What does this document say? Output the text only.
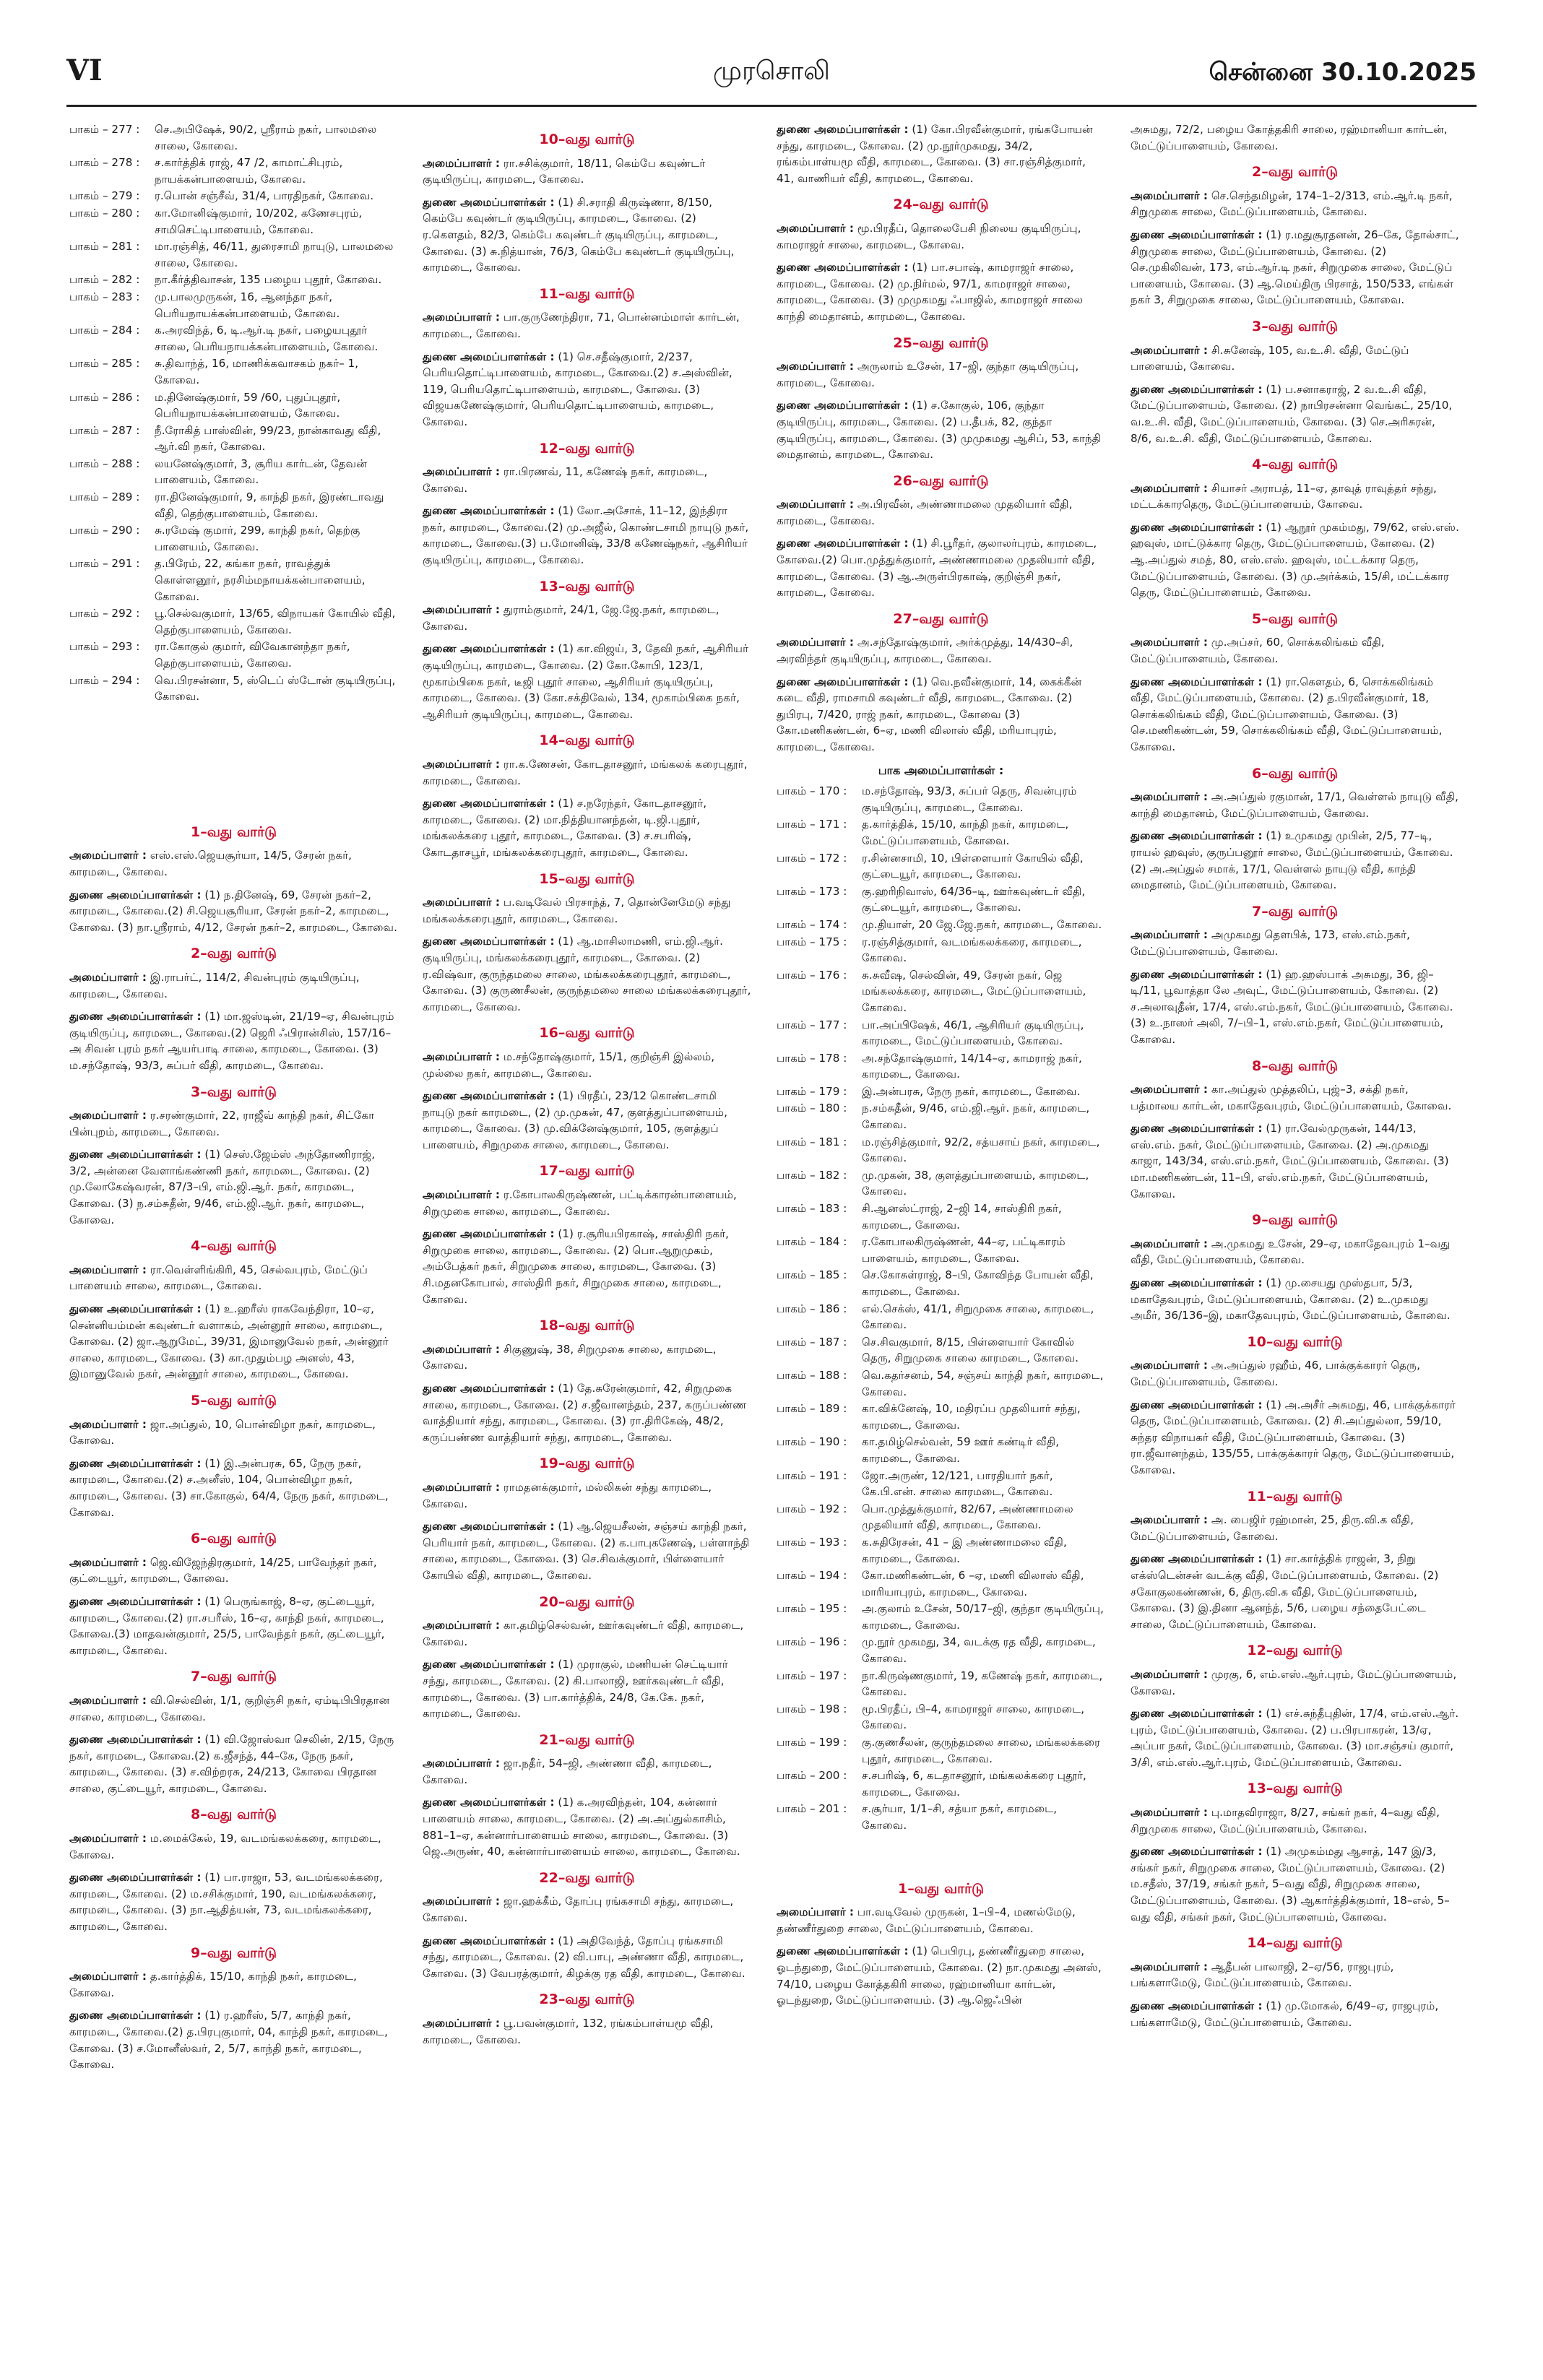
VI	முரசொலி	சென்னை 30.10.2025
பாகம் – 277 :	செ.அபிஷேக், 90/2, ஸ்ரீராம் நகர், பாலமலை சாலை, கோவை.
பாகம் – 278 :	ச.கார்த்திக் ராஜ், 47 /2, காமாட்சிபுரம், நாயக்கன்பாளையம், கோவை.
பாகம் – 279 :	ர.பொன் சஞ்சீவ், 31/4, பாரதிநகர், கோவை.
பாகம் – 280 :	கா.மோனிஷ்குமார், 10/202, கணேசபுரம், சாமிசெட்டிபாளையம், கோவை.
பாகம் – 281 :	மா.ரஞ்சித், 46/11, துரைசாமி நாயுடு, பாலமலை சாலை, கோவை.
பாகம் – 282 :	நா.கீர்த்திவாசன், 135 பழைய புதூர், கோவை.
பாகம் – 283 :	மு.பாலமுருகன், 16, ஆனந்தா நகர், பெரியநாயக்கன்பாளையம், கோவை.
பாகம் – 284 :	க.அரவிந்த், 6, டி.ஆர்.டி நகர், பழையபுதூர் சாலை, பெரியநாயக்கன்பாளையம், கோவை.
பாகம் – 285 :	சு.திவாந்த், 16, மாணிக்கவாசகம் நகர்– 1, கோவை.
பாகம் – 286 :	ம.தினேஷ்குமார், 59 /60, புதுப்புதூர், பெரியநாயக்கன்பாளையம், கோவை.
பாகம் – 287 :	நீ.ரோகித் பாஸ்வின், 99/23, நான்காவது வீதி, ஆர்.வி நகர், கோவை.
பாகம் – 288 :	லயனேஷ்குமார், 3, சூரிய கார்டன், தேவன் பாளையம், கோவை.
பாகம் – 289 :	ரா.தினேஷ்குமார், 9, காந்தி நகர், இரண்டாவது வீதி, தெற்குபாளையம், கோவை.
பாகம் – 290 :	சு.ரமேஷ் குமார், 299, காந்தி நகர், தெற்கு பாளையம், கோவை.
பாகம் – 291 :	த.பிரேம், 22, கங்கா நகர், ராவத்துக் கொள்ளனூர், நரசிம்மநாயக்கன்பாளையம், கோவை.
பாகம் – 292 :	பூ.செல்வகுமார், 13/65, விநாயகர் கோயில் வீதி, தெற்குபாளையம், கோவை.
பாகம் – 293 :	ரா.கோகுல் குமார், விவேகானந்தா நகர், தெற்குபாளையம், கோவை.
பாகம் – 294 :	வெ.பிரசன்னா, 5, ஸ்டெப் ஸ்டோன் குடியிருப்பு, கோவை.
1–வது வார்டு

அமைப்பாளர் : எஸ்.எஸ்.ஜெயசூர்யா, 14/5, சேரன் நகர், காரமடை, கோவை.

துணை அமைப்பாளர்கள் : (1) ந.தினேஷ், 69, சேரன் நகர்–2, காரமடை, கோவை.(2) சி.ஜெயசூரியா, சேரன் நகர்–2, காரமடை, கோவை. (3) நா.ஸ்ரீராம், 4/12, சேரன் நகர்–2, காரமடை, கோவை.

2–வது வார்டு

அமைப்பாளர் : இ.ராபர்ட், 114/2, சிவன்புரம் குடியிருப்பு, காரமடை, கோவை.

துணை அமைப்பாளர்கள் : (1) மா.ஜஸ்டின், 21/19–ஏ, சிவன்புரம் குடியிருப்பு, காரமடை, கோவை.(2) ஜெரி ஃபிரான்சிஸ், 157/16–அ சிவன் புரம் நகர் ஆயர்பாடி சாலை, காரமடை, கோவை. (3) ம.சந்தோஷ், 93/3, சுப்பர் வீதி, காரமடை, கோவை.

3–வது வார்டு

அமைப்பாளர் : ர.சரண்குமார், 22, ராஜீவ் காந்தி நகர், சிட்கோ பின்புறம், காரமடை, கோவை.

துணை அமைப்பாளர்கள் : (1) செஸ்.ஜேம்ஸ் அந்தோணிராஜ், 3/2, அன்னை வேளாங்கண்ணி நகர், காரமடை, கோவை. (2) மு.லோகேஷ்வரன், 87/3–பி, எம்.ஜி.ஆர். நகர், காரமடை, கோவை. (3) ந.சம்சுதீன், 9/46, எம்.ஜி.ஆர். நகர், காரமடை, கோவை.

4–வது வார்டு

அமைப்பாளர் : ரா.வெள்ளிங்கிரி, 45, செல்வபுரம், மேட்டுப் பாளையம் சாலை, காரமடை, கோவை.

துணை அமைப்பாளர்கள் : (1) உ.ஹரீஸ் ராகவேந்திரா, 10–ஏ, சென்னியம்மன் கவுண்டர் வளாகம், அன்னூர் சாலை, காரமடை, கோவை. (2) ஜா.ஆறுமேட், 39/31, இமானுவேல் நகர், அன்னூர் சாலை, காரமடை, கோவை. (3) கா.முதும்பழ அனஸ், 43, இமானுவேல் நகர், அன்னூர் சாலை, காரமடை, கோவை.

5–வது வார்டு

அமைப்பாளர் : ஜா.அப்துல், 10, பொன்விழா நகர், காரமடை, கோவை.

துணை அமைப்பாளர்கள் : (1) இ.அன்பரசு, 65, நேரு நகர், காரமடை, கோவை.(2) ச.அனீஸ், 104, பொன்விழா நகர், காரமடை, கோவை. (3) சா.கோகுல், 64/4, நேரு நகர், காரமடை, கோவை.

6–வது வார்டு

அமைப்பாளர் : ஜெ.விஜேந்திரகுமார், 14/25, பாவேந்தர் நகர், குட்டையூர், காரமடை, கோவை.

துணை அமைப்பாளர்கள் : (1) பெருங்காஜ், 8–ஏ, குட்டையூர், காரமடை, கோவை.(2) ரா.சபரீஸ், 16–ஏ, காந்தி நகர், காரமடை, கோவை.(3) மாதவன்குமார், 25/5, பாவேந்தர் நகர், குட்டையூர், காரமடை, கோவை.

7–வது வார்டு

அமைப்பாளர் : வி.செல்வின், 1/1, குறிஞ்சி நகர், ஏம்டிபிபிரதான சாலை, காரமடை, கோவை.

துணை அமைப்பாளர்கள் : (1) வி.ஜோஸ்வா செலின், 2/15, நேரு நகர், காரமடை, கோவை.(2) க.ஜீசந்த், 44–கே, நேரு நகர், காரமடை, கோவை. (3) ச.விற்றரசு, 24/213, கோவை பிரதான சாலை, குட்டையூர், காரமடை, கோவை.

8–வது வார்டு

அமைப்பாளர் : ம.மைக்கேல், 19, வடமங்கலக்கரை, காரமடை, கோவை.

துணை அமைப்பாளர்கள் : (1) பா.ராஜா, 53, வடமங்கலக்கரை, காரமடை, கோவை. (2) ம.சசிக்குமார், 190, வடமங்கலக்கரை, காரமடை, கோவை. (3) நா.ஆதித்யன், 73, வடமங்கலக்கரை, காரமடை, கோவை.

9–வது வார்டு

அமைப்பாளர் : த.கார்த்திக், 15/10, காந்தி நகர், காரமடை, கோவை.

துணை அமைப்பாளர்கள் : (1) ர.ஹரீஸ், 5/7, காந்தி நகர், காரமடை, கோவை.(2) த.பிரபுகுமார், 04, காந்தி நகர், காரமடை, கோவை. (3) ச.மோனீஸ்வர், 2, 5/7, காந்தி நகர், காரமடை, கோவை.

10–வது வார்டு

அமைப்பாளர் : ரா.சசிக்குமார், 18/11, கெம்பே கவுண்டர் குடியிருப்பு, காரமடை, கோவை.

துணை அமைப்பாளர்கள் : (1) சி.சராதி கிருஷ்ணா, 8/150, கெம்பே கவுண்டர் குடியிருப்பு, காரமடை, கோவை. (2) ர.கௌதம், 82/3, கெம்பே கவுண்டர் குடியிருப்பு, காரமடை, கோவை. (3) சு.நித்யான், 76/3, கெம்பே கவுண்டர் குடியிருப்பு, காரமடை, கோவை.

11–வது வார்டு

அமைப்பாளர் : பா.குருணேந்திரா, 71, பொன்னம்மாள் கார்டன், காரமடை, கோவை.

துணை அமைப்பாளர்கள் : (1) செ.சதீஷ்குமார், 2/237, பெரியதொட்டிபாளையம், காரமடை, கோவை.(2) ச.அஸ்வின், 119, பெரியதொட்டிபாளையம், காரமடை, கோவை. (3) விஜயகணேஷ்குமார், பெரியதொட்டிபாளையம், காரமடை, கோவை.

12–வது வார்டு

அமைப்பாளர் : ரா.பிரணவ், 11, கணேஷ் நகர், காரமடை, கோவை.

துணை அமைப்பாளர்கள் : (1) லோ.அசோக், 11–12, இந்திரா நகர், காரமடை, கோவை.(2) மு.அஜீல், கொண்டசாமி நாயுடு நகர், காரமடை, கோவை.(3) ப.மோனிஷ், 33/8 கணேஷ்நகர், ஆசிரியர் குடியிருப்பு, காரமடை, கோவை.

13–வது வார்டு

அமைப்பாளர் : துராம்குமார், 24/1, ஜே.ஜே.நகர், காரமடை, கோவை.

துணை அமைப்பாளர்கள் : (1) கா.விஜய், 3, தேவி நகர், ஆசிரியர் குடியிருப்பு, காரமடை, கோவை. (2) கோ.கோபி, 123/1, மூகாம்பிகை நகர், டீஜி புதூர் சாலை, ஆசிரியர் குடியிருப்பு, காரமடை, கோவை. (3) கோ.சக்திவேல், 134, மூகாம்பிகை நகர், ஆசிரியர் குடியிருப்பு, காரமடை, கோவை.

14–வது வார்டு

அமைப்பாளர் : ரா.க.ணேசன், கோடதாசனூர், மங்கலக் கரைபுதூர், காரமடை, கோவை.

துணை அமைப்பாளர்கள் : (1) ச.நரேந்தர், கோடதாசனூர், காரமடை, கோவை. (2) மா.நித்தியானந்தன், டி.ஜி.புதூர், மங்கலக்கரை புதூர், காரமடை, கோவை. (3) ச.சபரிஷ், கோடதாசபூர், மங்கலக்கரைபுதூர், காரமடை, கோவை.

15–வது வார்டு

அமைப்பாளர் : ப.வடிவேல் பிரசாந்த், 7, தொன்னேமேடு சந்து மங்கலக்கரைபுதூர், காரமடை, கோவை.

துணை அமைப்பாளர்கள் : (1) ஆ.மாசிலாமணி, எம்.ஜி.ஆர். குடியிருப்பு, மங்கலக்கரைபுதூர், காரமடை, கோவை. (2) ர.விஷ்வா, குருந்தமலை சாலை, மங்கலக்கரைபுதூர், காரமடை, கோவை. (3) குருணசீலன், குருந்தமலை சாலை மங்கலக்கரைபுதூர், காரமடை, கோவை.

16–வது வார்டு

அமைப்பாளர் : ம.சந்தோஷ்குமார், 15/1, குறிஞ்சி இல்லம், முல்லை நகர், காரமடை, கோவை.

துணை அமைப்பாளர்கள் : (1) பிரதீப், 23/12 கொண்டசாமி நாயுடு நகர் காரமடை, (2) மு.முகன், 47, குளத்துப்பாளையம், காரமடை, கோவை. (3) மு.விக்னேஷ்குமார், 105, குளத்துப் பாளையம், சிறுமுகை சாலை, காரமடை, கோவை.

17–வது வார்டு

அமைப்பாளர் : ர.கோபாலகிருஷ்ணன், பட்டிக்காரன்பாளையம், சிறுமுகை சாலை, காரமடை, கோவை.

துணை அமைப்பாளர்கள் : (1) ர.சூரியபிரகாஷ், சாஸ்திரி நகர், சிறுமுகை சாலை, காரமடை, கோவை. (2) பொ.ஆறுமுகம், அம்பேத்கர் நகர், சிறுமுகை சாலை, காரமடை, கோவை. (3) சி.மதனகோபால், சாஸ்திரி நகர், சிறுமுகை சாலை, காரமடை, கோவை.

18–வது வார்டு

அமைப்பாளர் : சிகுணுஷ், 38, சிறுமுகை சாலை, காரமடை, கோவை.

துணை அமைப்பாளர்கள் : (1) தே.சுரேன்குமார், 42, சிறுமுகை சாலை, காரமடை, கோவை. (2) ச.ஜீவானந்தம், 237, கருப்பண்ண வாத்தியார் சந்து, காரமடை, கோவை. (3) ரா.திரிகேஷ், 48/2, கருப்பண்ண வாத்தியார் சந்து, காரமடை, கோவை.

19–வது வார்டு

அமைப்பாளர் : ராமதனக்குமார், மல்லிகன் சந்து காரமடை, கோவை.

துணை அமைப்பாளர்கள் : (1) ஆ.ஜெயசீலன், சஞ்சய் காந்தி நகர், பெரியார் நகர், காரமடை, கோவை. (2) க.பாபுகணேஷ், பள்ளாந்தி சாலை, காரமடை, கோவை. (3) செ.சிவக்குமார், பிள்ளையார் கோயில் வீதி, காரமடை, கோவை.

20–வது வார்டு

அமைப்பாளர் : கா.தமிழ்செல்வன், ஊர்கவுண்டர் வீதி, காரமடை, கோவை.

துணை அமைப்பாளர்கள் : (1) முராகுல், மணியன் செட்டியார் சந்து, காரமடை, கோவை. (2) கி.பாலாஜி, ஊர்கவுண்டர் வீதி, காரமடை, கோவை. (3) பா.கார்த்திக், 24/8, கே.கே. நகர், காரமடை, கோவை.

21–வது வார்டு

அமைப்பாளர் : ஜா.நதீர், 54–ஜி, அண்ணா வீதி, காரமடை, கோவை.

துணை அமைப்பாளர்கள் : (1) க.அரவிந்தன், 104, கன்னார் பாளையம் சாலை, காரமடை, கோவை. (2) அ.அப்துல்காசிம், 881–1–ஏ, கன்னார்பாளையம் சாலை, காரமடை, கோவை. (3) ஜெ.அருண், 40, கன்னார்பாளையம் சாலை, காரமடை, கோவை.

22–வது வார்டு

அமைப்பாளர் : ஜா.ஹக்கீம், தோப்பு ரங்கசாமி சந்து, காரமடை, கோவை.

துணை அமைப்பாளர்கள் : (1) அதிவேந்த், தோப்பு ரங்கசாமி சந்து, காரமடை, கோவை. (2) வி.பாபு, அண்ணா வீதி, காரமடை, கோவை. (3) வேபரத்குமார், கிழக்கு ரத வீதி, காரமடை, கோவை.

23–வது வார்டு

அமைப்பாளர் : பூ.பவன்குமார், 132, ரங்கம்பாள்யமூ வீதி, காரமடை, கோவை.

துணை அமைப்பாளர்கள் : (1) கோ.பிரவீன்குமார், ரங்கபோயன் சந்து, காரமடை, கோவை. (2) மு.நூர்முகமது, 34/2, ரங்கம்பாள்யமூ வீதி, காரமடை, கோவை. (3) சா.ரஞ்சித்குமார், 41, வாணியர் வீதி, காரமடை, கோவை.

24–வது வார்டு

அமைப்பாளர் : மூ.பிரதீப், தொலைபேசி நிலைய குடியிருப்பு, காமராஜர் சாலை, காரமடை, கோவை.

துணை அமைப்பாளர்கள் : (1) பா.சபாஷ், காமராஜர் சாலை, காரமடை, கோவை. (2) மு.நிர்மல், 97/1, காமராஜர் சாலை, காரமடை, கோவை. (3) முமுகமது ஃபாஜில், காமராஜர் சாலை காந்தி மைதானம், காரமடை, கோவை.

25–வது வார்டு

அமைப்பாளர் : அருலாம் உசேன், 17–ஜி, குந்தா குடியிருப்பு, காரமடை, கோவை.

துணை அமைப்பாளர்கள் : (1) ச.கோகுல், 106, குந்தா குடியிருப்பு, காரமடை, கோவை. (2) ப.தீபக், 82, குந்தா குடியிருப்பு, காரமடை, கோவை. (3) முமுகமது ஆசிப், 53, காந்தி மைதானம், காரமடை, கோவை.

26–வது வார்டு

அமைப்பாளர் : அ.பிரவீன், அண்ணாமலை முதலியார் வீதி, காரமடை, கோவை.

துணை அமைப்பாளர்கள் : (1) சி.பூரீதர், குலாலர்புரம், காரமடை, கோவை.(2) பொ.முத்துக்குமார், அண்ணாமலை முதலியார் வீதி, காரமடை, கோவை. (3) ஆ.அருள்பிரகாஷ், குறிஞ்சி நகர், காரமடை, கோவை.

27–வது வார்டு

அமைப்பாளர் : அ.சந்தோஷ்குமார், அர்க்முத்து, 14/430–சி, அரவிந்தர் குடியிருப்பு, காரமடை, கோவை.

துணை அமைப்பாளர்கள் : (1) வெ.நவீன்குமார், 14, கைக்கீன் கடை வீதி, ராமசாமி கவுண்டர் வீதி, காரமடை, கோவை. (2) துபிரபு, 7/420, ராஜ் நகர், காரமடை, கோவை (3) கோ.மணிகண்டன், 6–ஏ, மணி விலாஸ் வீதி, மரியாபுரம், காரமடை, கோவை.

பாக அமைப்பாளர்கள் :
பாகம் – 170 :	ம.சந்தோஷ், 93/3, சுப்பர் தெரு, சிவன்புரம் குடியிருப்பு, காரமடை, கோவை.
பாகம் – 171 :	த.கார்த்திக், 15/10, காந்தி நகர், காரமடை, மேட்டுப்பாளையம், கோவை.
பாகம் – 172 :	ர.சின்னசாமி, 10, பிள்ளையார் கோயில் வீதி, குட்டையூர், காரமடை, கோவை.
பாகம் – 173 :	கு.ஹரிநிவாஸ், 64/36–டி, ஊர்கவுண்டர் வீதி, குட்டையூர், காரமடை, கோவை.
பாகம் – 174 :	மு.தியாள், 20 ஜே.ஜே.நகர், காரமடை, கோவை.
பாகம் – 175 :	ர.ரஞ்சித்குமார், வடமங்கலக்கரை, காரமடை, கோவை.
பாகம் – 176 :	சு.சுவீஷ, செல்வின், 49, சேரன் நகர், ஜெ மங்கலக்கரை, காரமடை, மேட்டுப்பாளையம், கோவை.
பாகம் – 177 :	பா.அப்பிஷேக், 46/1, ஆசிரியர் குடியிருப்பு, காரமடை, மேட்டுப்பாளையம், கோவை.
பாகம் – 178 :	அ.சந்தோஷ்குமார், 14/14–ஏ, காமராஜ் நகர், காரமடை, கோவை.
பாகம் – 179 :	இ.அன்பரசு, நேரு நகர், காரமடை, கோவை.
பாகம் – 180 :	ந.சம்சுதீன், 9/46, எம்.ஜி.ஆர். நகர், காரமடை, கோவை.
பாகம் – 181 :	ம.ரஞ்சித்குமார், 92/2, சத்யசாய் நகர், காரமடை, கோவை.
பாகம் – 182 :	மு.முகன், 38, குளத்துப்பாளையம், காரமடை, கோவை.
பாகம் – 183 :	சி.ஆனஸ்ட்ராஜ், 2–ஜி 14, சாஸ்திரி நகர், காரமடை, கோவை.
பாகம் – 184 :	ர.கோபாலகிருஷ்ணன், 44–ஏ, பட்டிகாரம் பாளையம், காரமடை, கோவை.
பாகம் – 185 :	செ.கோசுள்ராஜ், 8–பி, கோவிந்த போயன் வீதி, காரமடை, கோவை.
பாகம் – 186 :	எல்.செக்ஸ், 41/1, சிறுமுகை சாலை, காரமடை, கோவை.
பாகம் – 187 :	செ.சிவகுமார், 8/15, பிள்ளையார் கோவில் தெரு, சிறுமுகை சாலை காரமடை, கோவை.
பாகம் – 188 :	வெ.கதர்சனம், 54, சஞ்சய் காந்தி நகர், காரமடை, கோவை.
பாகம் – 189 :	கா.விக்னேஷ், 10, மதிரப்ப முதலியார் சந்து, காரமடை, கோவை.
பாகம் – 190 :	கா.தமிழ்செல்வன், 59 ஊர் கண்டிர் வீதி, காரமடை, கோவை.
பாகம் – 191 :	ஜோ.அருண், 12/121, பாரதியார் நகர், கே.பி.என். சாலை காரமடை, கோவை.
பாகம் – 192 :	பொ.முத்துக்குமார், 82/67, அண்ணாமலை முதலியார் வீதி, காரமடை, கோவை.
பாகம் – 193 :	க.சுதிரேசன், 41 – இ அண்ணாமலை வீதி, காரமடை, கோவை.
பாகம் – 194 :	கோ.மணிகண்டன், 6 –ஏ, மணி விலாஸ் வீதி, மாரியாபுரம், காரமடை, கோவை.
பாகம் – 195 :	அ.குலாம் உசேன், 50/17–ஜி, குந்தா குடியிருப்பு, காரமடை, கோவை.
பாகம் – 196 :	மு.நூர் முகமது, 34, வடக்கு ரத வீதி, காரமடை, கோவை.
பாகம் – 197 :	நா.கிருஷ்ணகுமார், 19, கணேஷ் நகர், காரமடை, கோவை.
பாகம் – 198 :	மூ.பிரதீப், பி–4, காமராஜர் சாலை, காரமடை, கோவை.
பாகம் – 199 :	கு.குணசீலன், குருந்தமலை சாலை, மங்கலக்கரை புதூர், காரமடை, கோவை.
பாகம் – 200 :	ச.சபரிஷ், 6, கடதாசனூர், மங்கலக்கரை புதூர், காரமடை, கோவை.
பாகம் – 201 :	ச.சூர்யா, 1/1–சி, சத்யா நகர், காரமடை, கோவை.
1–வது வார்டு

அமைப்பாளர் : பா.வடிவேல் முருகன், 1–பி–4, மணல்மேடு, தண்ணீர்துறை சாலை, மேட்டுப்பாளையம், கோவை.

துணை அமைப்பாளர்கள் : (1) பெபிரபு, தண்ணீர்துறை சாலை, ஓடந்துறை, மேட்டுப்பாளையம், கோவை. (2) நா.முகமது அனஸ், 74/10, பழைய கோத்தகிரி சாலை, ரஹ்மானியா கார்டன், ஓடந்துறை, மேட்டுப்பாளையம். (3) ஆ.ஜெஃபின்

அசுமது, 72/2, பழைய கோத்தகிரி சாலை, ரஹ்மானியா கார்டன், மேட்டுப்பாளையம், கோவை.

2–வது வார்டு

அமைப்பாளர் : செ.செந்தமிழன், 174–1–2/313, எம்.ஆர்.டி நகர், சிறுமுகை சாலை, மேட்டுப்பாளையம், கோவை.

துணை அமைப்பாளர்கள் : (1) ர.மதுசூரதனன், 26–கே, தோல்சாட், சிறுமுகை சாலை, மேட்டுப்பாளையம், கோவை. (2) செ.முகிலிவன், 173, எம்.ஆர்.டி நகர், சிறுமுகை சாலை, மேட்டுப் பாளையம், கோவை. (3) ஆ.மெய்திரு பிரசாத், 150/533, எங்கள் நகர் 3, சிறுமுகை சாலை, மேட்டுப்பாளையம், கோவை.

3–வது வார்டு

அமைப்பாளர் : சி.சுனேஷ், 105, வ.உ.சி. வீதி, மேட்டுப் பாளையம், கோவை.

துணை அமைப்பாளர்கள் : (1) ப.சனாகராஜ், 2 வ.உ.சி வீதி, மேட்டுப்பாளையம், கோவை. (2) நாபிரசன்னா வெங்கட், 25/10, வ.உ.சி. வீதி, மேட்டுப்பாளையம், கோவை. (3) செ.அரிசுரன், 8/6, வ.உ.சி. வீதி, மேட்டுப்பாளையம், கோவை.

4–வது வார்டு

அமைப்பாளர் : சியாசர் அராபத், 11–ஏ, தாவுத் ராவுத்தர் சந்து, மட்டக்காரதெரு, மேட்டுப்பாளையம், கோவை.

துணை அமைப்பாளர்கள் : (1) ஆநூர் முகம்மது, 79/62, எஸ்.எஸ். ஹவுஸ், மாட்டுக்கார தெரு, மேட்டுப்பாளையம், கோவை. (2) ஆ.அப்துல் சமத், 80, எஸ்.எஸ். ஹவுஸ், மட்டக்கார தெரு, மேட்டுப்பாளையம், கோவை. (3) மு.அர்க்கம், 15/சி, மட்டக்கார தெரு, மேட்டுப்பாளையம், கோவை.

5–வது வார்டு

அமைப்பாளர் : மு.அப்சர், 60, சொக்கலிங்கம் வீதி, மேட்டுப்பாளையம், கோவை.

துணை அமைப்பாளர்கள் : (1) ரா.கௌதம், 6, சொக்கலிங்கம் வீதி, மேட்டுப்பாளையம், கோவை. (2) த.பிரவீன்குமார், 18, சொக்கலிங்கம் வீதி, மேட்டுப்பாளையம், கோவை. (3) செ.மணிகண்டன், 59, சொக்கலிங்கம் வீதி, மேட்டுப்பாளையம், கோவை.

6–வது வார்டு

அமைப்பாளர் : அ.அப்துல் ரகுமான், 17/1, வெள்ளல் நாயுடு வீதி, காந்தி மைதானம், மேட்டுப்பாளையம், கோவை.

துணை அமைப்பாளர்கள் : (1) உமுகமது முபின், 2/5, 77–டி, ராயல் ஹவுஸ், குருப்பனூர் சாலை, மேட்டுப்பாளையம், கோவை. (2) அ.அப்துல் சமாக், 17/1, வெள்ளல் நாயுடு வீதி, காந்தி மைதானம், மேட்டுப்பாளையம், கோவை.

7–வது வார்டு

அமைப்பாளர் : அமுகமது தௌபிக், 173, எஸ்.எம்.நகர், மேட்டுப்பாளையம், கோவை.

துணை அமைப்பாளர்கள் : (1) ஹ.ஹஸ்பாக் அசுமது, 36, ஜி–டி/11, பூவாத்தா லே அவுட், மேட்டுப்பாளையம், கோவை. (2) ச.அலாவுதீன், 17/4, எஸ்.எம்.நகர், மேட்டுப்பாளையம், கோவை. (3) உ.நாஸர் அலி, 7/–பி–1, எஸ்.எம்.நகர், மேட்டுப்பாளையம், கோவை.

8–வது வார்டு

அமைப்பாளர் : கா.அப்துல் முத்தலிப், புஜ்–3, சக்தி நகர், பத்மாலய கார்டன், மகாதேவபுரம், மேட்டுப்பாளையம், கோவை.

துணை அமைப்பாளர்கள் : (1) ரா.வேல்முருகன், 144/13, எஸ்.எம். நகர், மேட்டுப்பாளையம், கோவை. (2) அ.முகமது காஜா, 143/34, எஸ்.எம்.நகர், மேட்டுப்பாளையம், கோவை. (3) மா.மணிகண்டன், 11–பி, எஸ்.எம்.நகர், மேட்டுப்பாளையம், கோவை.

9–வது வார்டு

அமைப்பாளர் : அ.முகமது உசேன், 29–ஏ, மகாதேவபுரம் 1–வது வீதி, மேட்டுப்பாளையம், கோவை.

துணை அமைப்பாளர்கள் : (1) மு.சையது முஸ்தபா, 5/3, மகாதேவபுரம், மேட்டுப்பாளையம், கோவை. (2) உ.முகமது அமீர், 36/136–இ, மகாதேவபுரம், மேட்டுப்பாளையம், கோவை.

10–வது வார்டு

அமைப்பாளர் : அ.அப்துல் ரஹீம், 46, பாக்குக்காரர் தெரு, மேட்டுப்பாளையம், கோவை.

துணை அமைப்பாளர்கள் : (1) அ.அசீர் அசுமது, 46, பாக்குக்காரர் தெரு, மேட்டுப்பாளையம், கோவை. (2) சி.அப்துல்லா, 59/10, சுந்தர விநாயகர் வீதி, மேட்டுப்பாளையம், கோவை. (3) ரா.ஜீவானந்தம், 135/55, பாக்குக்காரர் தெரு, மேட்டுப்பாளையம், கோவை.

11–வது வார்டு

அமைப்பாளர் : அ. பைஜிர் ரஹ்மான், 25, திரு.வி.க வீதி, மேட்டுப்பாளையம், கோவை.

துணை அமைப்பாளர்கள் : (1) சா.கார்த்திக் ராஜன், 3, நிறு எக்ஸ்டென்சன் வடக்கு வீதி, மேட்டுப்பாளையம், கோவை. (2) சகோகுலகண்ணன், 6, திரு.வி.க வீதி, மேட்டுப்பாளையம், கோவை. (3) இ.தினா ஆனந்த், 5/6, பழைய சந்தைபேட்டை சாலை, மேட்டுப்பாளையம், கோவை.

12–வது வார்டு

அமைப்பாளர் : முரகு, 6, எம்.எஸ்.ஆர்.புரம், மேட்டுப்பாளையம், கோவை.

துணை அமைப்பாளர்கள் : (1) எச்.சுந்தீபுதின், 17/4, எம்.எஸ்.ஆர். புரம், மேட்டுப்பாளையம், கோவை. (2) ப.பிரபாகரன், 13/ஏ, அப்பா நகர், மேட்டுப்பாளையம், கோவை. (3) மா.சஞ்சய் குமார், 3/சி, எம்.எஸ்.ஆர்.புரம், மேட்டுப்பாளையம், கோவை.

13–வது வார்டு

அமைப்பாளர் : பு.மாதவிராஜா, 8/27, சங்கர் நகர், 4–வது வீதி, சிறுமுகை சாலை, மேட்டுப்பாளையம், கோவை.

துணை அமைப்பாளர்கள் : (1) அமுகம்மது ஆசாத், 147 இ/3, சங்கர் நகர், சிறுமுகை சாலை, மேட்டுப்பாளையம், கோவை. (2) ம.சதீஸ், 37/19, சங்கர் நகர், 5–வது வீதி, சிறுமுகை சாலை, மேட்டுப்பாளையம், கோவை. (3) ஆகார்த்திக்குமார், 18–எல், 5–வது வீதி, சங்கர் நகர், மேட்டுப்பாளையம், கோவை.

14–வது வார்டு

அமைப்பாளர் : ஆதீபன் பாலாஜி, 2–ஏ/56, ராஜபுரம், பங்களாமேடு, மேட்டுப்பாளையம், கோவை.

துணை அமைப்பாளர்கள் : (1) மு.மோகல், 6/49–ஏ, ராஜபுரம், பங்களாமேடு, மேட்டுப்பாளையம், கோவை.
